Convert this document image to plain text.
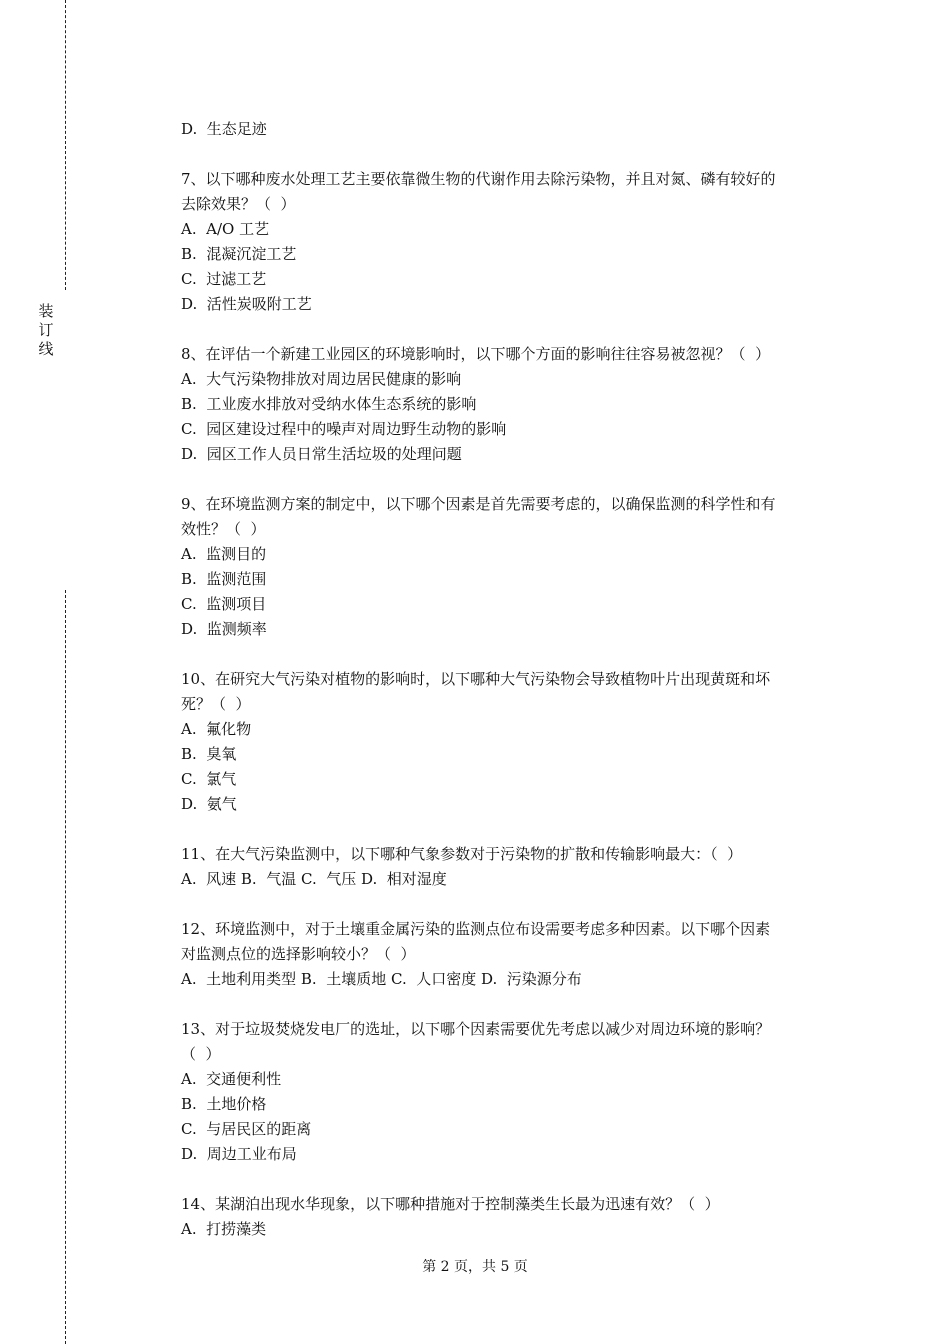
装订线
D.  生态足迹
7、以下哪种废水处理工艺主要依靠微生物的代谢作用去除污染物，并且对氮、磷有较好的
去除效果？（  ）
A.  A/O 工艺
B.  混凝沉淀工艺
C.  过滤工艺
D.  活性炭吸附工艺
8、在评估一个新建工业园区的环境影响时，以下哪个方面的影响往往容易被忽视？（  ）
A.  大气污染物排放对周边居民健康的影响
B.  工业废水排放对受纳水体生态系统的影响
C.  园区建设过程中的噪声对周边野生动物的影响
D.  园区工作人员日常生活垃圾的处理问题
9、在环境监测方案的制定中，以下哪个因素是首先需要考虑的，以确保监测的科学性和有
效性？（  ）
A.  监测目的
B.  监测范围
C.  监测项目
D.  监测频率
10、在研究大气污染对植物的影响时，以下哪种大气污染物会导致植物叶片出现黄斑和坏
死？（  ）
A.  氟化物
B.  臭氧
C.  氯气
D.  氨气
11、在大气污染监测中，以下哪种气象参数对于污染物的扩散和传输影响最大：（  ）
A.  风速 B.  气温 C.  气压 D.  相对湿度
12、环境监测中，对于土壤重金属污染的监测点位布设需要考虑多种因素。以下哪个因素
对监测点位的选择影响较小？（  ）
A.  土地利用类型 B.  土壤质地 C.  人口密度 D.  污染源分布
13、对于垃圾焚烧发电厂的选址，以下哪个因素需要优先考虑以减少对周边环境的影响？
（  ）
A.  交通便利性
B.  土地价格
C.  与居民区的距离
D.  周边工业布局
14、某湖泊出现水华现象，以下哪种措施对于控制藻类生长最为迅速有效？（  ）
A.  打捞藻类
第 2 页，共 5 页
